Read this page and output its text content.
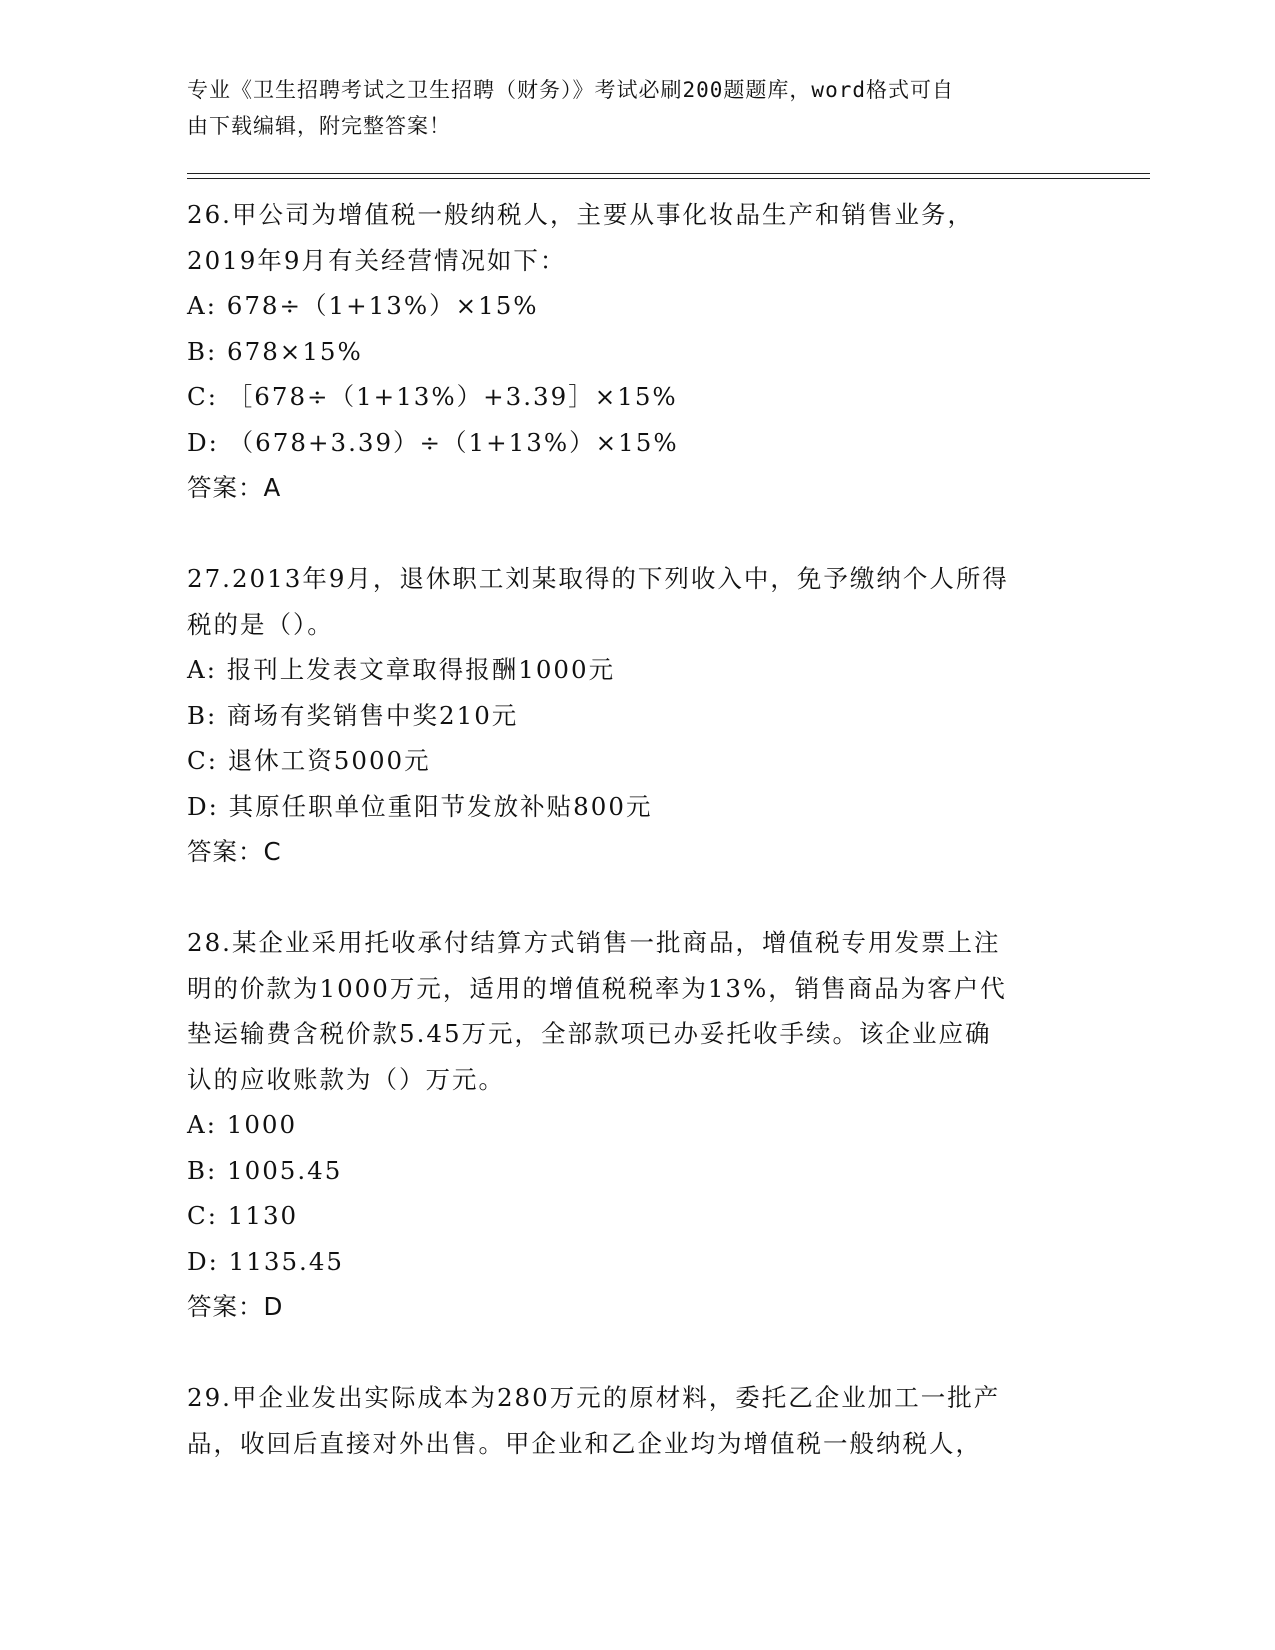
专业《卫生招聘考试之卫生招聘（财务）》考试必刷200题题库，word格式可自
由下载编辑，附完整答案！
26.甲公司为增值税一般纳税人，主要从事化妆品生产和销售业务，
2019年9月有关经营情况如下：
A: 678÷（1+13%）×15%
B: 678×15%
C: ［678÷（1+13%）+3.39］×15%
D: （678+3.39）÷（1+13%）×15%
答案：A
27.2013年9月，退休职工刘某取得的下列收入中，免予缴纳个人所得
税的是（）。
A: 报刊上发表文章取得报酬1000元
B: 商场有奖销售中奖210元
C: 退休工资5000元
D: 其原任职单位重阳节发放补贴800元
答案：C
28.某企业采用托收承付结算方式销售一批商品，增值税专用发票上注
明的价款为1000万元，适用的增值税税率为13%，销售商品为客户代
垫运输费含税价款5.45万元，全部款项已办妥托收手续。该企业应确
认的应收账款为（）万元。
A: 1000
B: 1005.45
C: 1130
D: 1135.45
答案：D
29.甲企业发出实际成本为280万元的原材料，委托乙企业加工一批产
品，收回后直接对外出售。甲企业和乙企业均为增值税一般纳税人，
